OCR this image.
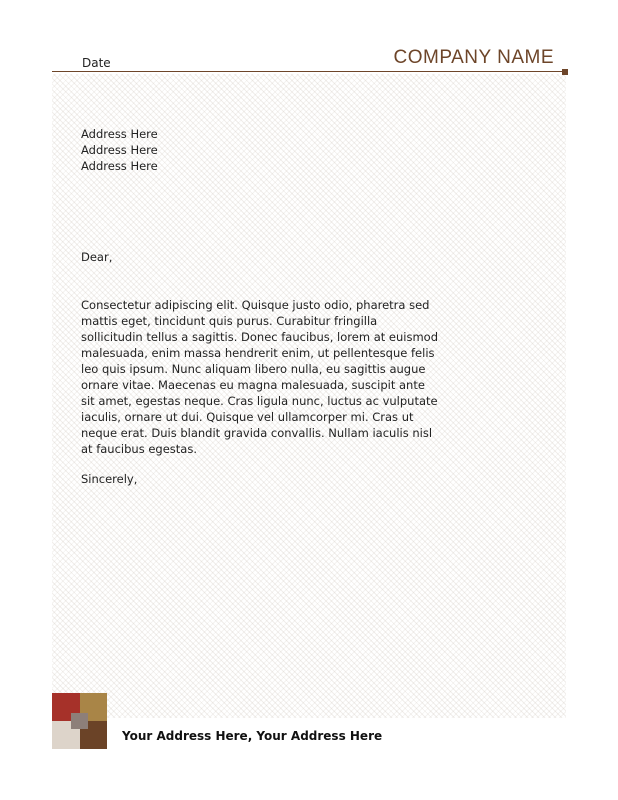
Date	COMPANY NAME
Address Here
Address Here
Address Here
Dear,
Consectetur adipiscing elit. Quisque justo odio, pharetra sed mattis eget, tincidunt quis purus. Curabitur fringilla sollicitudin tellus a sagittis. Donec faucibus, lorem at euismod malesuada, enim massa hendrerit enim, ut pellentesque felis leo quis ipsum. Nunc aliquam libero nulla, eu sagittis augue ornare vitae. Maecenas eu magna malesuada, suscipit ante sit amet, egestas neque. Cras ligula nunc, luctus ac vulputate iaculis, ornare ut dui. Quisque vel ullamcorper mi. Cras ut neque erat. Duis blandit gravida convallis. Nullam iaculis nisl at faucibus egestas.
Sincerely,
Your Address Here, Your Address Here
